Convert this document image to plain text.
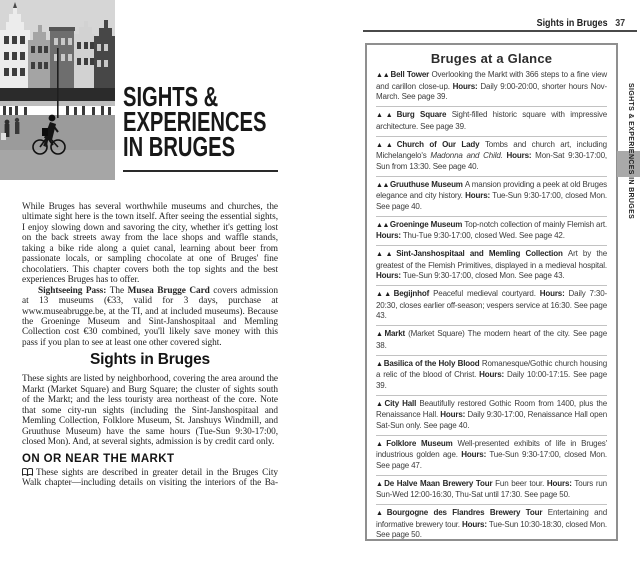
SIGHTS &
EXPERIENCES
IN BRUGES

While Bruges has several worthwhile museums and churches, the ultimate sight here is the town itself. After seeing the essential sights, I enjoy slowing down and savoring the city, whether it's getting lost on the back streets away from the lace shops and waffle stands, taking a bike ride along a quiet canal, learning about beer from passionate locals, or sampling chocolate at one of Bruges' fine chocolatiers. This chapter covers both the top sights and the best experiences Bruges has to offer.

Sightseeing Pass: The Musea Brugge Card covers admission at 13 museums (€33, valid for 3 days, purchase at www.museabrugge.be, at the TI, and at included museums). Because the Groeninge Museum and Sint-Janshospitaal and Memling Collection cost €30 combined, you'll likely save money with this pass if you plan to see at least one other covered sight.

Sights in Bruges

These sights are listed by neighborhood, covering the area around the Markt (Market Square) and Burg Square; the cluster of sights south of the Markt; and the less touristy area northeast of the core. Note that some city-run sights (including the Sint-Janshospitaal and Memling Collection, Folklore Museum, St. Janshuys Windmill, and Gruuthuse Museum) have the same hours (Tue-Sun 9:30-17:00, closed Mon). And, at several sights, admission is by credit card only.

ON OR NEAR THE MARKT

These sights are described in greater detail in the Bruges City Walk chapter—including details on visiting the interiors of the Ba-

Sights in Bruges 37
Bruges at a Glance
▲▲Bell Tower Overlooking the Markt with 366 steps to a fine view and carillon close-up. Hours: Daily 9:00-20:00, shorter hours Nov-March. See page 39.
▲▲Burg Square Sight-filled historic square with impressive architecture. See page 39.
▲▲Church of Our Lady Tombs and church art, including Michelangelo's Madonna and Child. Hours: Mon-Sat 9:30-17:00, Sun from 13:30. See page 40.
▲▲Gruuthuse Museum A mansion providing a peek at old Bruges elegance and city history. Hours: Tue-Sun 9:30-17:00, closed Mon. See page 40.
▲▲Groeninge Museum Top-notch collection of mainly Flemish art. Hours: Thu-Tue 9:30-17:00, closed Wed. See page 42.
▲▲Sint-Janshospitaal and Memling Collection Art by the greatest of the Flemish Primitives, displayed in a medieval hospital. Hours: Tue-Sun 9:30-17:00, closed Mon. See page 43.
▲▲Begijnhof Peaceful medieval courtyard. Hours: Daily 7:30-20:30, closes earlier off-season; vespers service at 16:30. See page 43.
▲Markt (Market Square) The modern heart of the city. See page 38.
▲Basilica of the Holy Blood Romanesque/Gothic church housing a relic of the blood of Christ. Hours: Daily 10:00-17:15. See page 39.
▲City Hall Beautifully restored Gothic Room from 1400, plus the Renaissance Hall. Hours: Daily 9:30-17:00, Renaissance Hall open Sat-Sun only. See page 40.
▲Folklore Museum Well-presented exhibits of life in Bruges' industrious golden age. Hours: Tue-Sun 9:30-17:00, closed Mon. See page 47.
▲De Halve Maan Brewery Tour Fun beer tour. Hours: Tours run Sun-Wed 12:00-16:30, Thu-Sat until 17:30. See page 50.
▲Bourgogne des Flandres Brewery Tour Entertaining and informative brewery tour. Hours: Tue-Sun 10:30-18:30, closed Mon. See page 50.
SIGHTS & EXPERIENCES IN BRUGES
